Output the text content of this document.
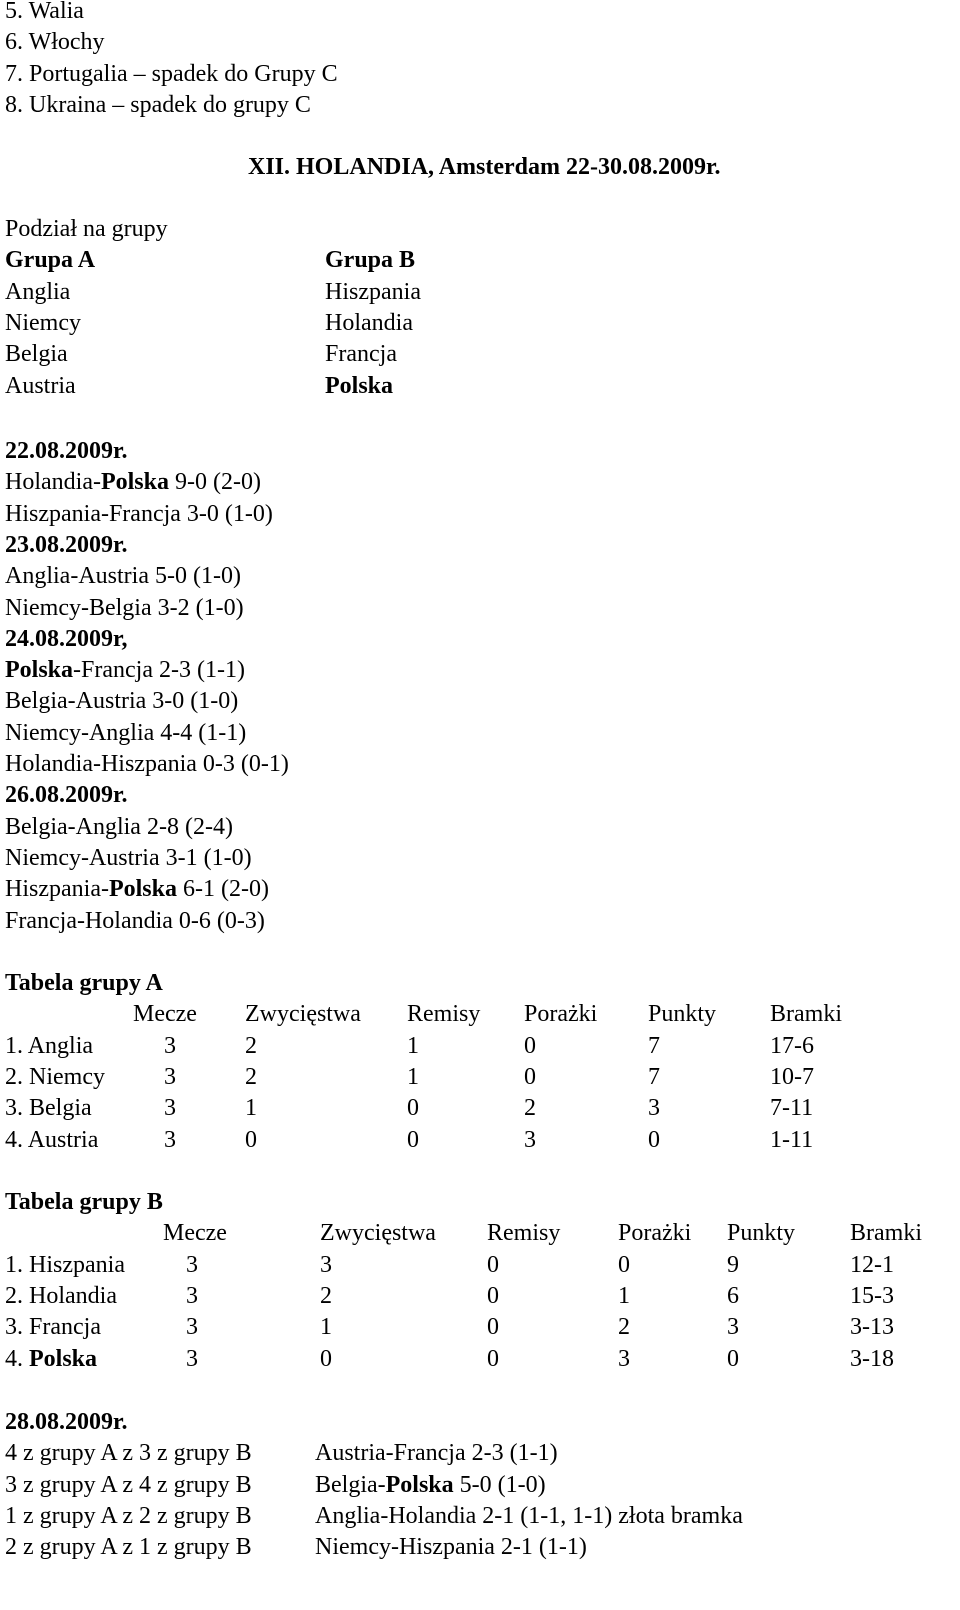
5. Walia
6. Włochy
7. Portugalia – spadek do Grupy C
8. Ukraina – spadek do grupy C
XII. HOLANDIA, Amsterdam 22-30.08.2009r.
Podział na grupy
Grupa A	Grupa B
Anglia	Hiszpania
Niemcy	Holandia
Belgia	Francja
Austria	Polska
22.08.2009r.
Holandia-Polska 9-0 (2-0)
Hiszpania-Francja 3-0 (1-0)
23.08.2009r.
Anglia-Austria 5-0 (1-0)
Niemcy-Belgia 3-2 (1-0)
24.08.2009r,
Polska-Francja 2-3 (1-1)
Belgia-Austria 3-0 (1-0)
Niemcy-Anglia 4-4 (1-1)
Holandia-Hiszpania 0-3 (0-1)
26.08.2009r.
Belgia-Anglia 2-8 (2-4)
Niemcy-Austria 3-1 (1-0)
Hiszpania-Polska 6-1 (2-0)
Francja-Holandia 0-6 (0-3)
Tabela grupy A
Mecze Zwycięstwa Remisy Porażki Punkty Bramki
1. Anglia	3	2	1	0	7	17-6
2. Niemcy 3	2	1	0	7	10-7
3. Belgia	3	1	0	2	3	7-11
4. Austria	3	0	0	3	0	1-11
Tabela grupy B
Mecze	Zwycięstwa Remisy Porażki Punkty Bramki
1. Hiszpania	3	3	0	0	9	12-1
2. Holandia	3	2	0	1	6	15-3
3. Francja	3	1	0	2	3	3-13
4. Polska	3	0	0	3	0	3-18
28.08.2009r.
4 z grupy A z 3 z grupy B	Austria-Francja 2-3 (1-1)
3 z grupy A z 4 z grupy B	Belgia-Polska 5-0 (1-0)
1 z grupy A z 2 z grupy B	Anglia-Holandia 2-1 (1-1, 1-1) złota bramka
2 z grupy A z 1 z grupy B	Niemcy-Hiszpania 2-1 (1-1)
